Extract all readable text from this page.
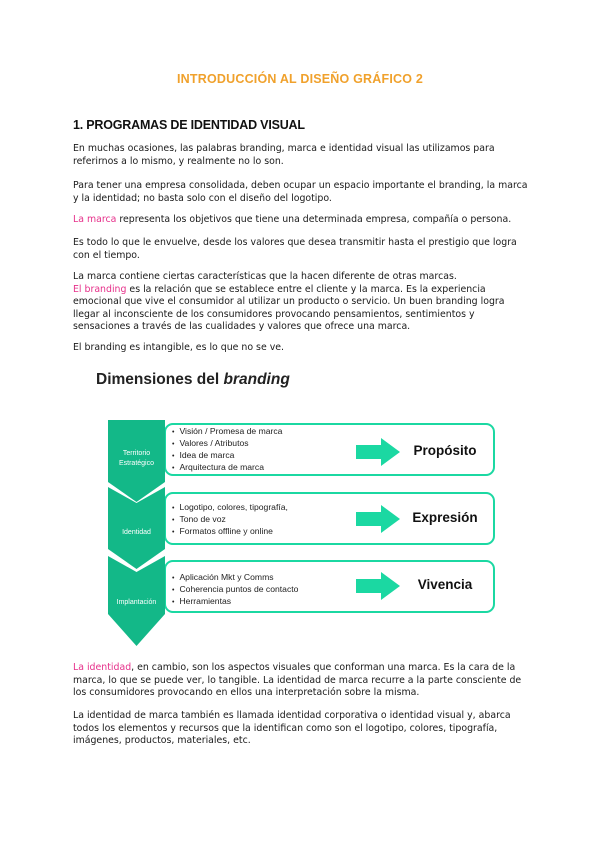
INTRODUCCIÓN AL DISEÑO GRÁFICO 2
1. PROGRAMAS DE IDENTIDAD VISUAL

En muchas ocasiones, las palabras branding, marca e identidad visual las utilizamos para referirnos a lo mismo, y realmente no lo son.

Para tener una empresa consolidada, deben ocupar un espacio importante el branding, la marca y la identidad; no basta solo con el diseño del logotipo.

La marca representa los objetivos que tiene una determinada empresa, compañía o persona.

Es todo lo que le envuelve, desde los valores que desea transmitir hasta el prestigio que logra con el tiempo.

La marca contiene ciertas características que la hacen diferente de otras marcas.
El branding es la relación que se establece entre el cliente y la marca. Es la experiencia emocional que vive el consumidor al utilizar un producto o servicio. Un buen branding logra llegar al inconsciente de los consumidores provocando pensamientos, sentimientos y sensaciones a través de las cualidades y valores que ofrece una marca.

El branding es intangible, es lo que no se ve.

Dimensiones del branding
Territorio
Estratégico
• Visión / Promesa de marca
• Valores / Atributos
• Idea de marca
• Arquitectura de marca
Propósito
Identidad
• Logotipo, colores, tipografía,
• Tono de voz
• Formatos offline y online
Expresión
Implantación
• Aplicación Mkt y Comms
• Coherencia puntos de contacto
• Herramientas
Vivencia

La identidad, en cambio, son los aspectos visuales que conforman una marca. Es la cara de la marca, lo que se puede ver, lo tangible. La identidad de marca recurre a la parte consciente de los consumidores provocando en ellos una interpretación sobre la misma.

La identidad de marca también es llamada identidad corporativa o identidad visual y, abarca todos los elementos y recursos que la identifican como son el logotipo, colores, tipografía, imágenes, productos, materiales, etc.
